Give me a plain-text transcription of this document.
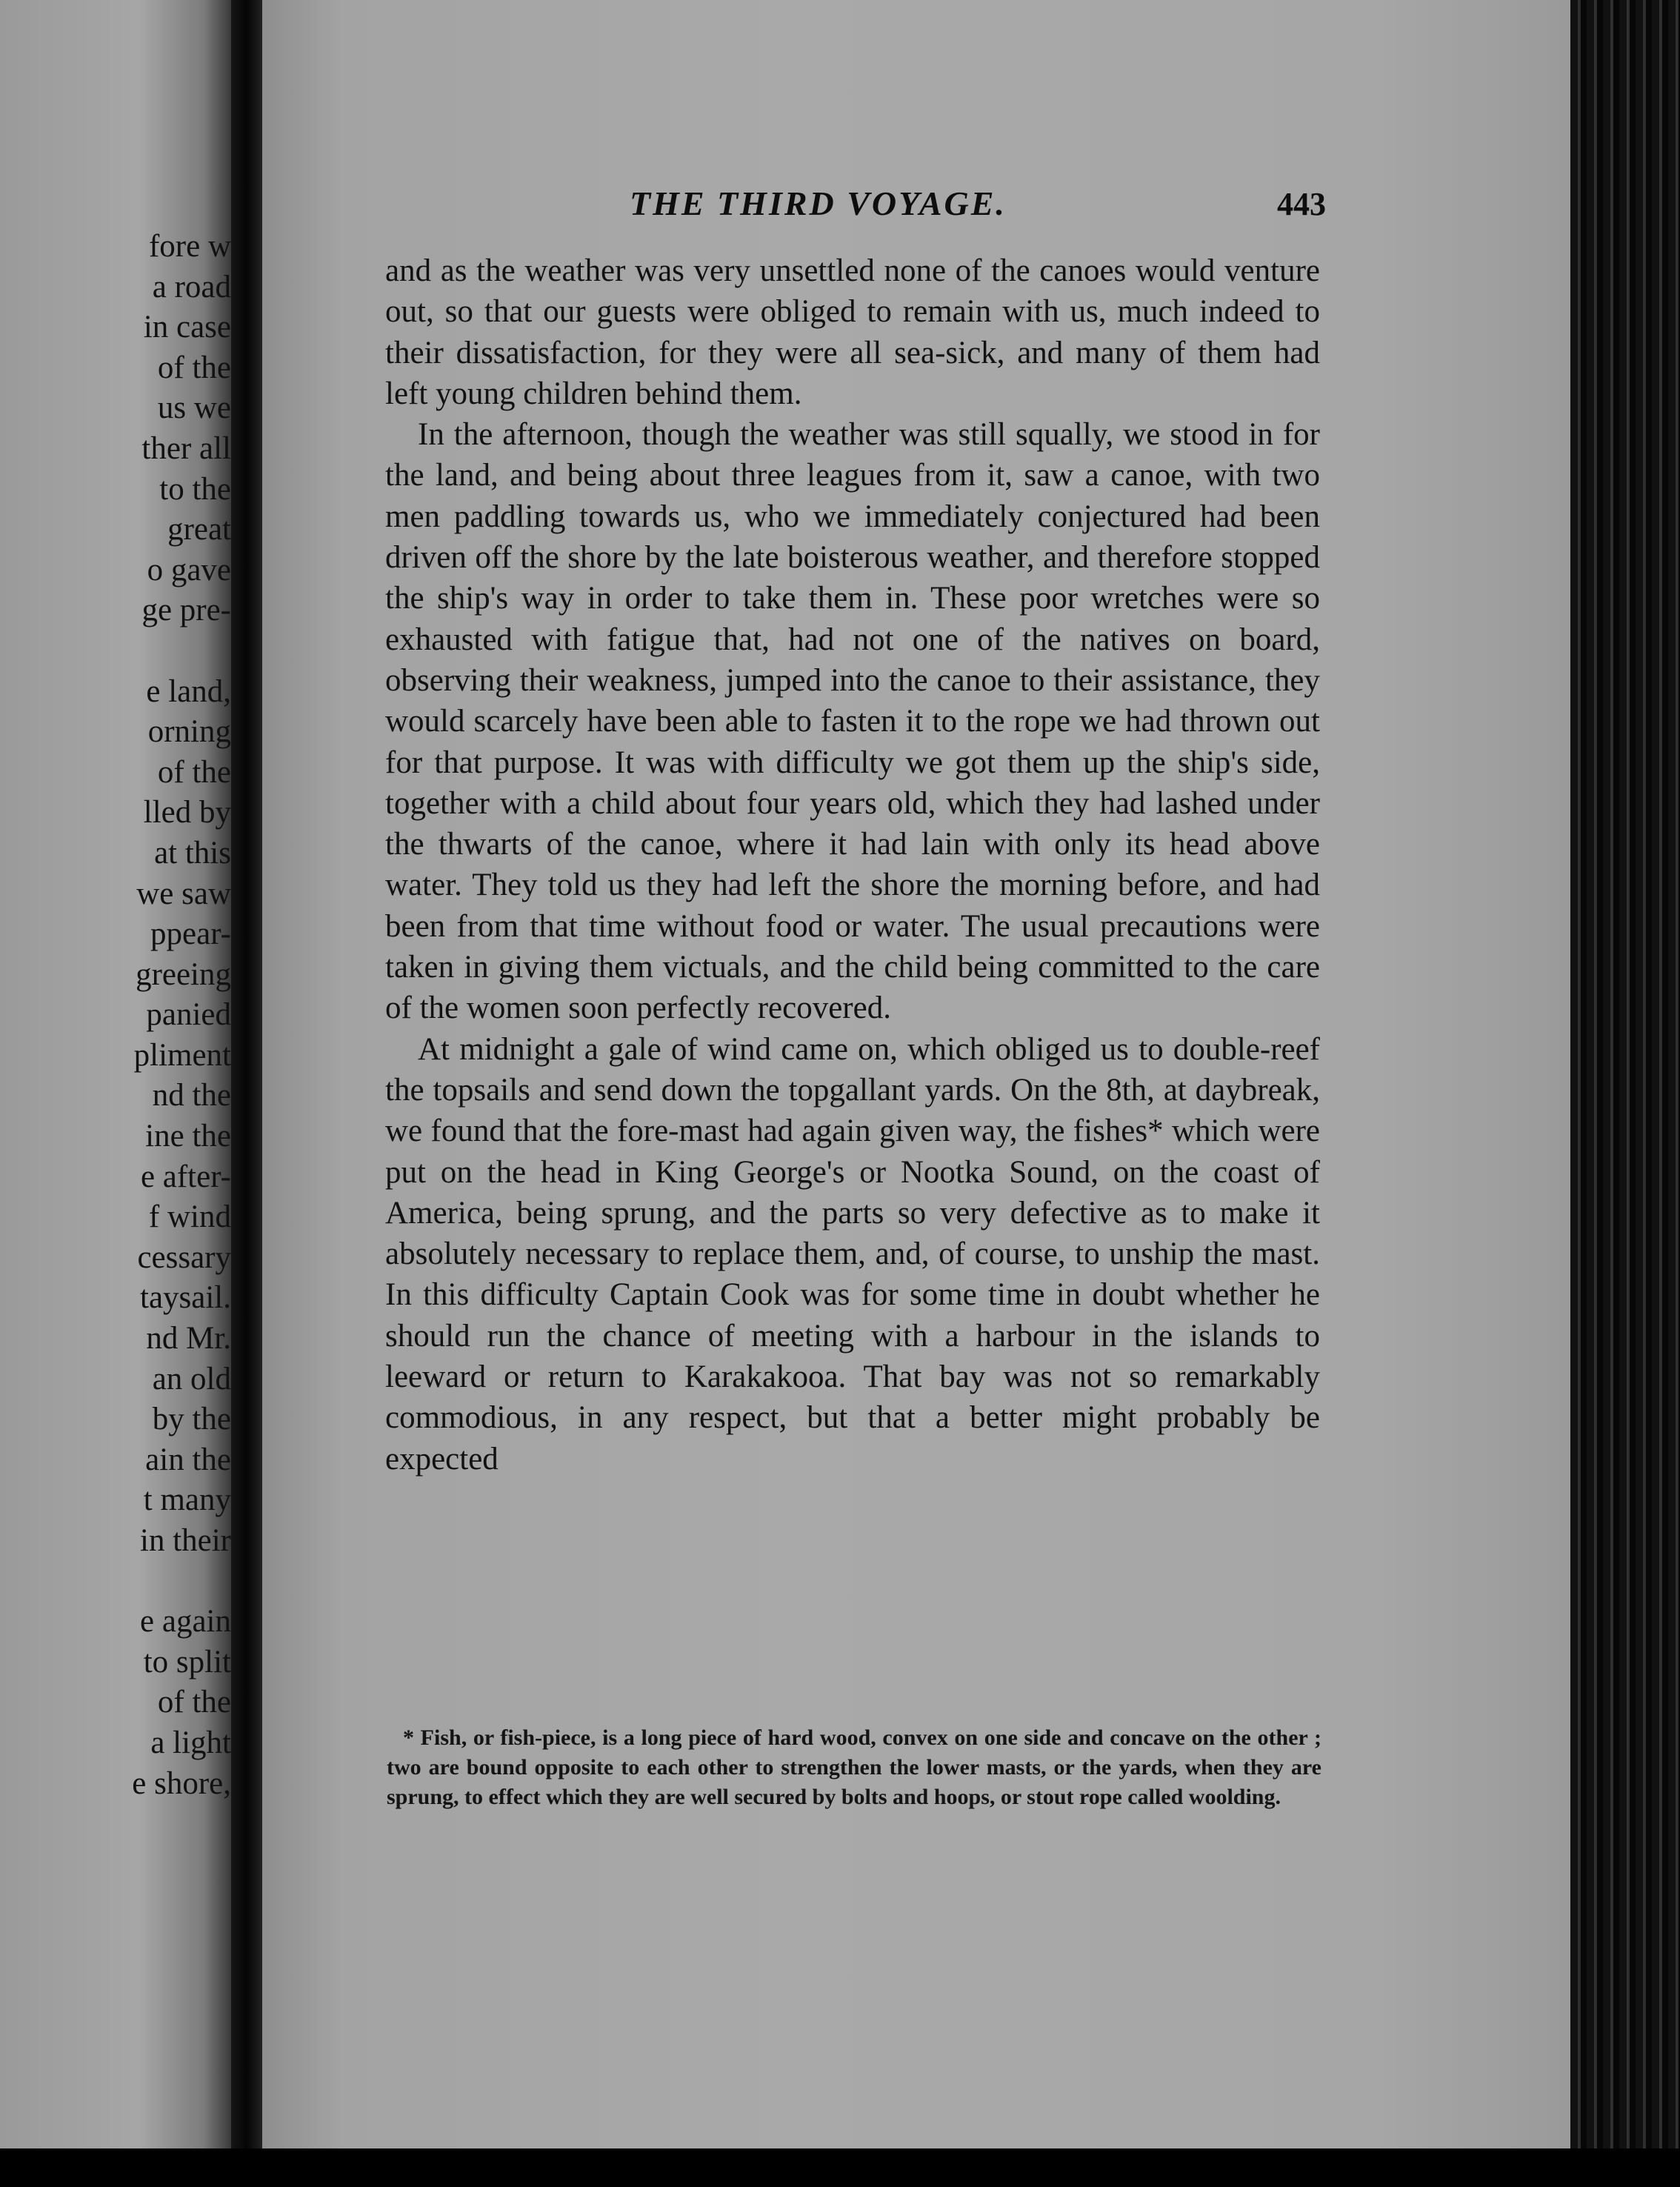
fore w
a road
in case
of the
us we
ther all
to the
great
o gave
ge pre-
e land,
orning
of the
lled by
at this
we saw
ppear-
greeing
panied
pliment
nd the
ine the
e after-
f wind
cessary
taysail.
nd Mr.
an old
by the
ain the
t many
in their
e again
to split
of the
a light
e shore,
THE THIRD VOYAGE.	443

and as the weather was very unsettled none of the canoes would venture out, so that our guests were obliged to remain with us, much indeed to their dissatisfaction, for they were all sea-sick, and many of them had left young children behind them.

In the afternoon, though the weather was still squally, we stood in for the land, and being about three leagues from it, saw a canoe, with two men paddling towards us, who we immediately conjectured had been driven off the shore by the late boisterous weather, and therefore stopped the ship's way in order to take them in. These poor wretches were so exhausted with fatigue that, had not one of the natives on board, observing their weakness, jumped into the canoe to their assistance, they would scarcely have been able to fasten it to the rope we had thrown out for that purpose. It was with difficulty we got them up the ship's side, together with a child about four years old, which they had lashed under the thwarts of the canoe, where it had lain with only its head above water. They told us they had left the shore the morning before, and had been from that time without food or water. The usual precautions were taken in giving them victuals, and the child being committed to the care of the women soon perfectly recovered.

At midnight a gale of wind came on, which obliged us to double-reef the topsails and send down the topgallant yards. On the 8th, at daybreak, we found that the fore-mast had again given way, the fishes* which were put on the head in King George's or Nootka Sound, on the coast of America, being sprung, and the parts so very defective as to make it absolutely necessary to replace them, and, of course, to unship the mast. In this difficulty Captain Cook was for some time in doubt whether he should run the chance of meeting with a harbour in the islands to leeward or return to Karakakooa. That bay was not so remarkably commodious, in any respect, but that a better might probably be expected

* Fish, or fish-piece, is a long piece of hard wood, convex on one side and concave on the other ; two are bound opposite to each other to strengthen the lower masts, or the yards, when they are sprung, to effect which they are well secured by bolts and hoops, or stout rope called woolding.
